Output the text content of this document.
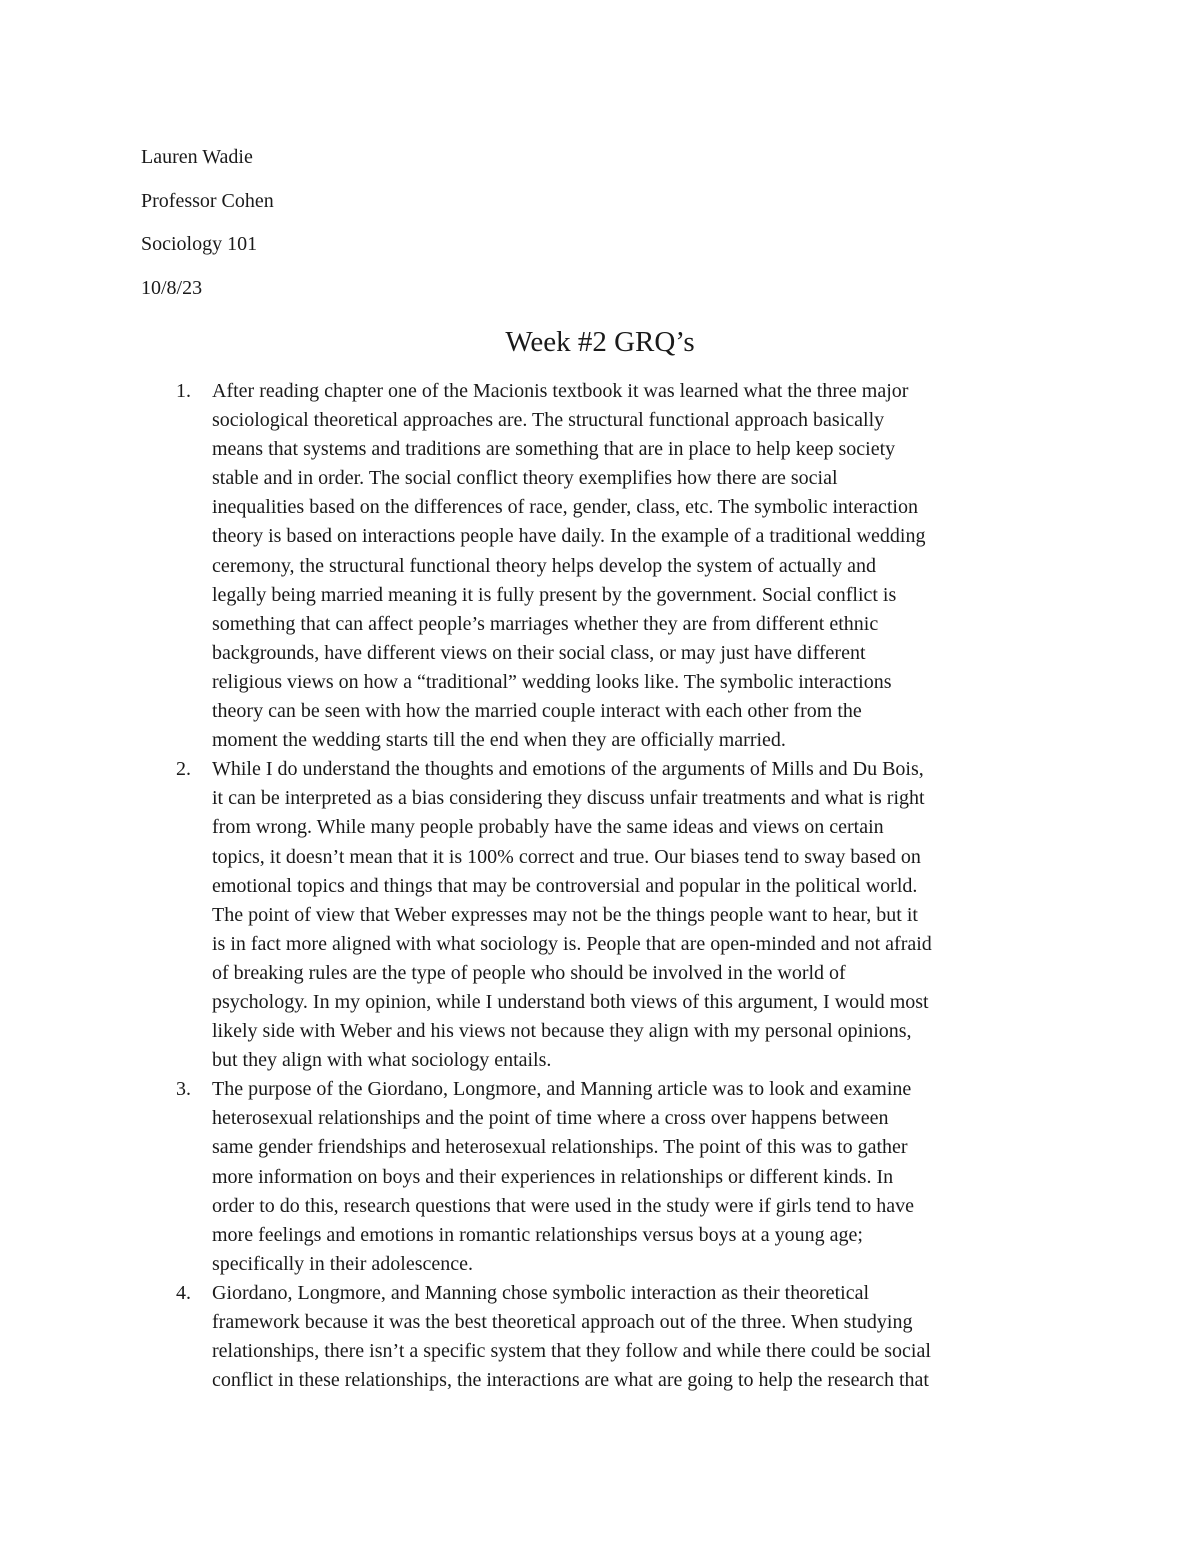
Lauren Wadie
Professor Cohen
Sociology 101
10/8/23
Week #2 GRQ’s
1.	After reading chapter one of the Macionis textbook it was learned what the three major
sociological theoretical approaches are. The structural functional approach basically
means that systems and traditions are something that are in place to help keep society
stable and in order. The social conflict theory exemplifies how there are social
inequalities based on the differences of race, gender, class, etc. The symbolic interaction
theory is based on interactions people have daily. In the example of a traditional wedding
ceremony, the structural functional theory helps develop the system of actually and
legally being married meaning it is fully present by the government. Social conflict is
something that can affect people’s marriages whether they are from different ethnic
backgrounds, have different views on their social class, or may just have different
religious views on how a “traditional” wedding looks like. The symbolic interactions
theory can be seen with how the married couple interact with each other from the
moment the wedding starts till the end when they are officially married.
2.	While I do understand the thoughts and emotions of the arguments of Mills and Du Bois,
it can be interpreted as a bias considering they discuss unfair treatments and what is right
from wrong. While many people probably have the same ideas and views on certain
topics, it doesn’t mean that it is 100% correct and true. Our biases tend to sway based on
emotional topics and things that may be controversial and popular in the political world.
The point of view that Weber expresses may not be the things people want to hear, but it
is in fact more aligned with what sociology is. People that are open-minded and not afraid
of breaking rules are the type of people who should be involved in the world of
psychology. In my opinion, while I understand both views of this argument, I would most
likely side with Weber and his views not because they align with my personal opinions,
but they align with what sociology entails.
3.	The purpose of the Giordano, Longmore, and Manning article was to look and examine
heterosexual relationships and the point of time where a cross over happens between
same gender friendships and heterosexual relationships. The point of this was to gather
more information on boys and their experiences in relationships or different kinds. In
order to do this, research questions that were used in the study were if girls tend to have
more feelings and emotions in romantic relationships versus boys at a young age;
specifically in their adolescence.
4.	Giordano, Longmore, and Manning chose symbolic interaction as their theoretical
framework because it was the best theoretical approach out of the three. When studying
relationships, there isn’t a specific system that they follow and while there could be social
conflict in these relationships, the interactions are what are going to help the research that
